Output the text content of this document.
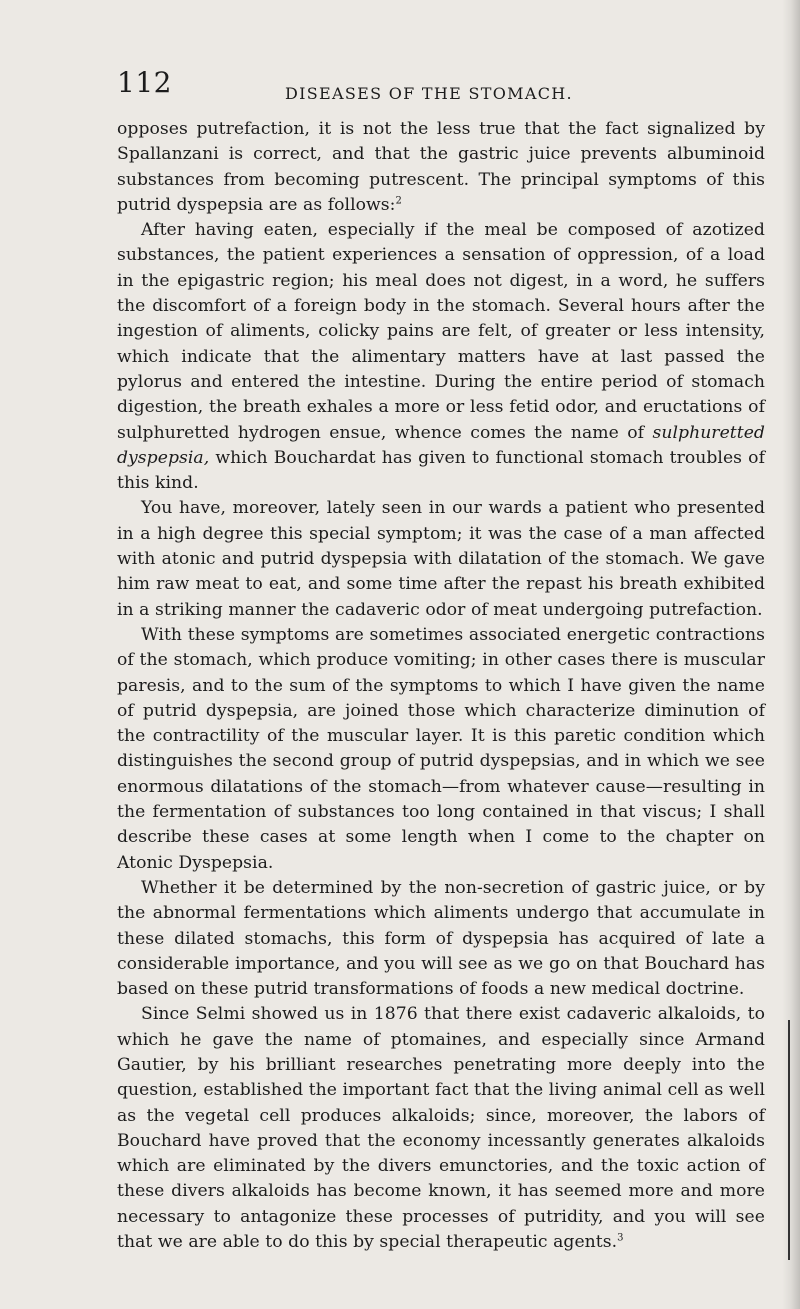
112	DISEASES OF THE STOMACH.

opposes putrefaction, it is not the less true that the fact signalized by Spallanzani is correct, and that the gastric juice prevents albuminoid substances from becoming putrescent. The principal symptoms of this putrid dyspepsia are as follows:$^2$

After having eaten, especially if the meal be composed of azotized substances, the patient experiences a sensation of oppression, of a load in the epigastric region; his meal does not digest, in a word, he suffers the discomfort of a foreign body in the stomach. Several hours after the ingestion of aliments, colicky pains are felt, of greater or less intensity, which indicate that the alimentary matters have at last passed the pylorus and entered the intestine. During the entire period of stomach digestion, the breath exhales a more or less fetid odor, and eructations of sulphuretted hydrogen ensue, whence comes the name of sulphuretted dyspepsia, which Bouchardat has given to functional stomach troubles of this kind.

You have, moreover, lately seen in our wards a patient who presented in a high degree this special symptom; it was the case of a man affected with atonic and putrid dyspepsia with dilatation of the stomach. We gave him raw meat to eat, and some time after the repast his breath exhibited in a striking manner the cadaveric odor of meat undergoing putrefaction.

With these symptoms are sometimes associated energetic contractions of the stomach, which produce vomiting; in other cases there is muscular paresis, and to the sum of the symptoms to which I have given the name of putrid dyspepsia, are joined those which characterize diminution of the contractility of the muscular layer. It is this paretic condition which distinguishes the second group of putrid dyspepsias, and in which we see enormous dilatations of the stomach—from whatever cause—resulting in the fermentation of substances too long contained in that viscus; I shall describe these cases at some length when I come to the chapter on Atonic Dyspepsia.

Whether it be determined by the non-secretion of gastric juice, or by the abnormal fermentations which aliments undergo that accumulate in these dilated stomachs, this form of dyspepsia has acquired of late a considerable importance, and you will see as we go on that Bouchard has based on these putrid transformations of foods a new medical doctrine.

Since Selmi showed us in 1876 that there exist cadaveric alkaloids, to which he gave the name of ptomaines, and especially since Armand Gautier, by his brilliant researches penetrating more deeply into the question, established the important fact that the living animal cell as well as the vegetal cell produces alkaloids; since, moreover, the labors of Bouchard have proved that the economy incessantly generates alkaloids which are eliminated by the divers emunctories, and the toxic action of these divers alkaloids has become known, it has seemed more and more necessary to antagonize these processes of putridity, and you will see that we are able to do this by special therapeutic agents.$^3$
